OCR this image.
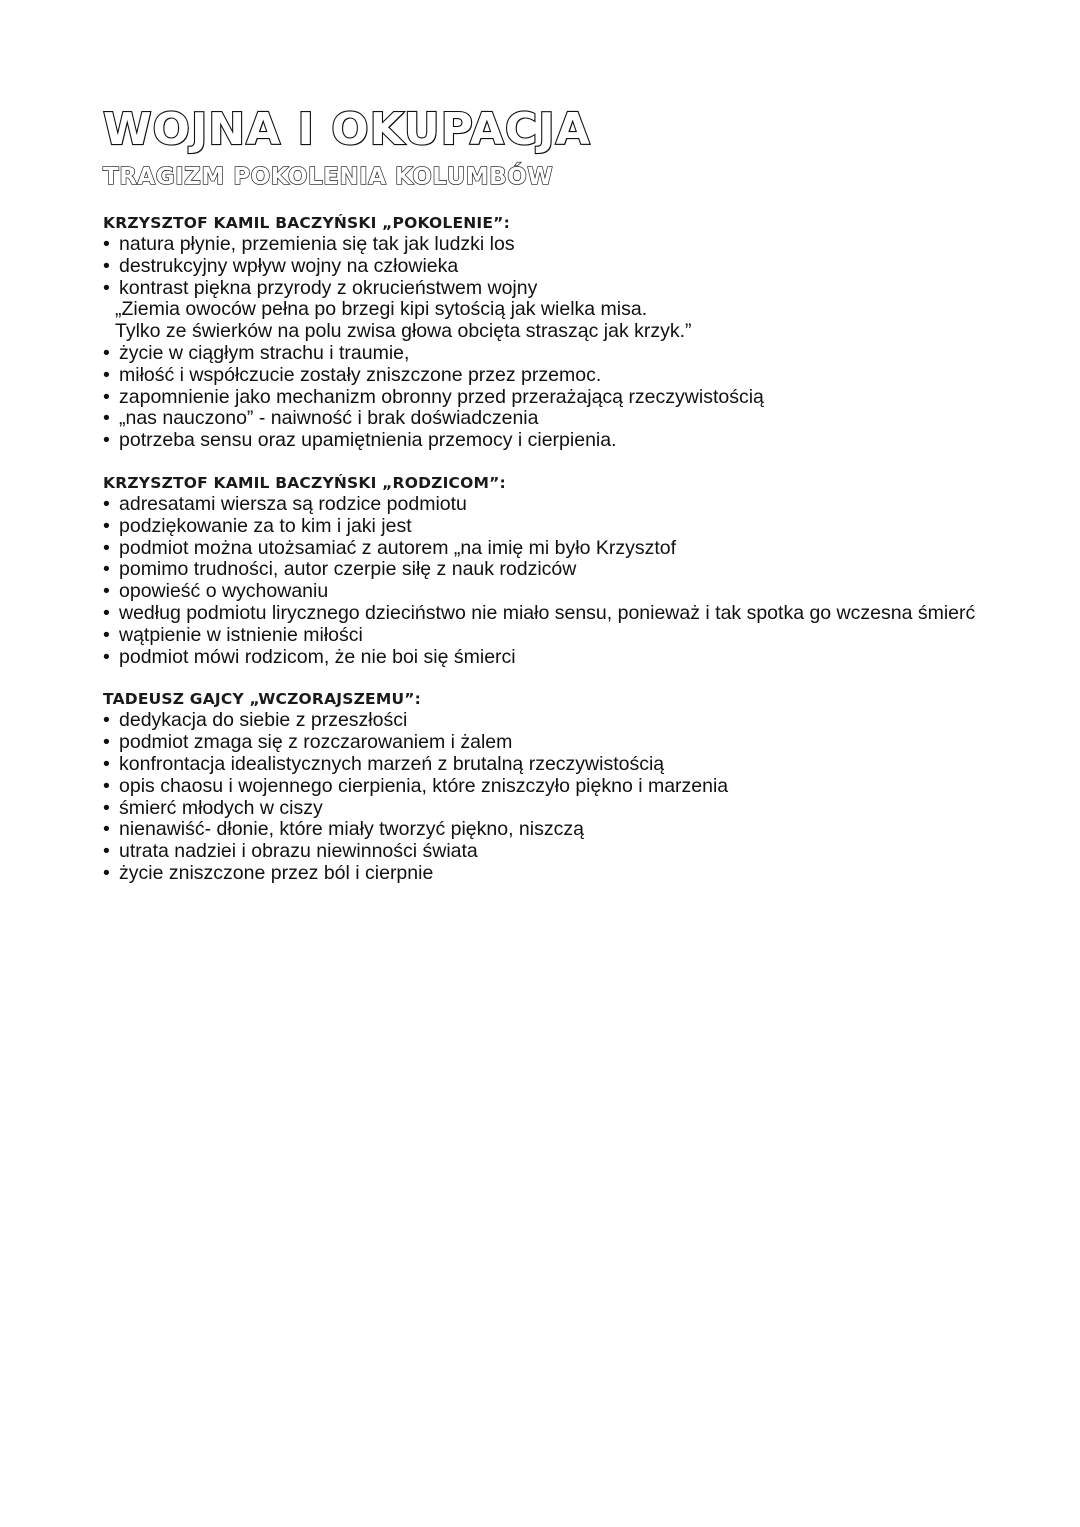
WOJNA I OKUPACJA
TRAGIZM POKOLENIA KOLUMBÓW
KRZYSZTOF KAMIL BACZYŃSKI „POKOLENIE”:
• natura płynie, przemienia się tak jak ludzki los
• destrukcyjny wpływ wojny na człowieka
• kontrast piękna przyrody z okrucieństwem wojny
„Ziemia owoców pełna po brzegi kipi sytością jak wielka misa.
Tylko ze świerków na polu zwisa głowa obcięta strasząc jak krzyk.”
• życie w ciągłym strachu i traumie,
• miłość i współczucie zostały zniszczone przez przemoc.
• zapomnienie jako mechanizm obronny przed przerażającą rzeczywistością
• „nas nauczono” - naiwność i brak doświadczenia
• potrzeba sensu oraz upamiętnienia przemocy i cierpienia.
KRZYSZTOF KAMIL BACZYŃSKI „RODZICOM”:
• adresatami wiersza są rodzice podmiotu
• podziękowanie za to kim i jaki jest
• podmiot można utożsamiać z autorem „na imię mi było Krzysztof
• pomimo trudności, autor czerpie siłę z nauk rodziców
• opowieść o wychowaniu
• według podmiotu lirycznego dzieciństwo nie miało sensu, ponieważ i tak spotka go wczesna śmierć
• wątpienie w istnienie miłości
• podmiot mówi rodzicom, że nie boi się śmierci
TADEUSZ GAJCY „WCZORAJSZEMU”:
• dedykacja do siebie z przeszłości
• podmiot zmaga się z rozczarowaniem i żalem
• konfrontacja idealistycznych marzeń z brutalną rzeczywistością
• opis chaosu i wojennego cierpienia, które zniszczyło piękno i marzenia
• śmierć młodych w ciszy
• nienawiść- dłonie, które miały tworzyć piękno, niszczą
• utrata nadziei i obrazu niewinności świata
• życie zniszczone przez ból i cierpnie
